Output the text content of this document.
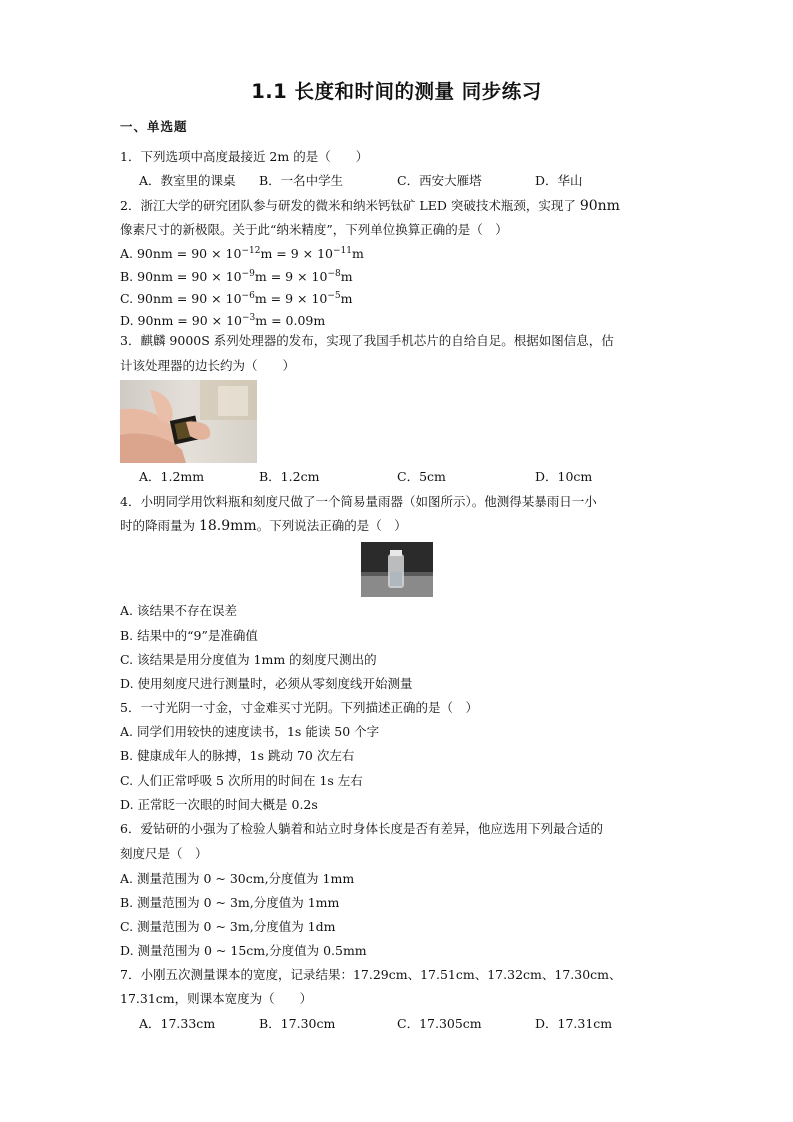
1.1 长度和时间的测量 同步练习
一、单选题
1．下列选项中高度最接近 2m 的是（　　）
A．教室里的课桌 B．一名中学生	C．西安大雁塔	D．华山
2．浙江大学的研究团队参与研发的微米和纳米钙钛矿 LED 突破技术瓶颈，实现了 90nm
像素尺寸的新极限。关于此“纳米精度”，下列单位换算正确的是（　）
A. $90nm = 90 \times 10^{-12}m = 9 \times 10^{-11}m$
B. $90nm = 90 \times 10^{-9}m = 9 \times 10^{-8}m$
C. $90nm = 90 \times 10^{-6}m = 9 \times 10^{-5}m$
D. $90nm = 90 \times 10^{-3}m = 0.09m$
3．麒麟 9000S 系列处理器的发布，实现了我国手机芯片的自给自足。根据如图信息，估
计该处理器的边长约为（　　）
A．1.2mm	B．1.2cm	C．5cm	D．10cm
4．小明同学用饮料瓶和刻度尺做了一个简易量雨器（如图所示）。他测得某暴雨日一小
时的降雨量为 18.9mm。下列说法正确的是（　）
A. 该结果不存在误差
B. 结果中的“9”是准确值
C. 该结果是用分度值为 1mm 的刻度尺测出的
D. 使用刻度尺进行测量时，必须从零刻度线开始测量
5．一寸光阴一寸金，寸金难买寸光阴。下列描述正确的是（　）
A. 同学们用较快的速度读书，1s 能读 50 个字
B. 健康成年人的脉搏，1s 跳动 70 次左右
C. 人们正常呼吸 5 次所用的时间在 1s 左右
D. 正常眨一次眼的时间大概是 0.2s
6．爱钻研的小强为了检验人躺着和站立时身体长度是否有差异，他应选用下列最合适的
刻度尺是（　）
A. 测量范围为 0 ~ 30cm,分度值为 1mm
B. 测量范围为 0 ~ 3m,分度值为 1mm
C. 测量范围为 0 ~ 3m,分度值为 1dm
D. 测量范围为 0 ~ 15cm,分度值为 0.5mm
7．小刚五次测量课本的宽度，记录结果：17.29cm、17.51cm、17.32cm、17.30cm、
17.31cm，则课本宽度为（　　）
A．17.33cm	B．17.30cm	C．17.305cm	D．17.31cm
